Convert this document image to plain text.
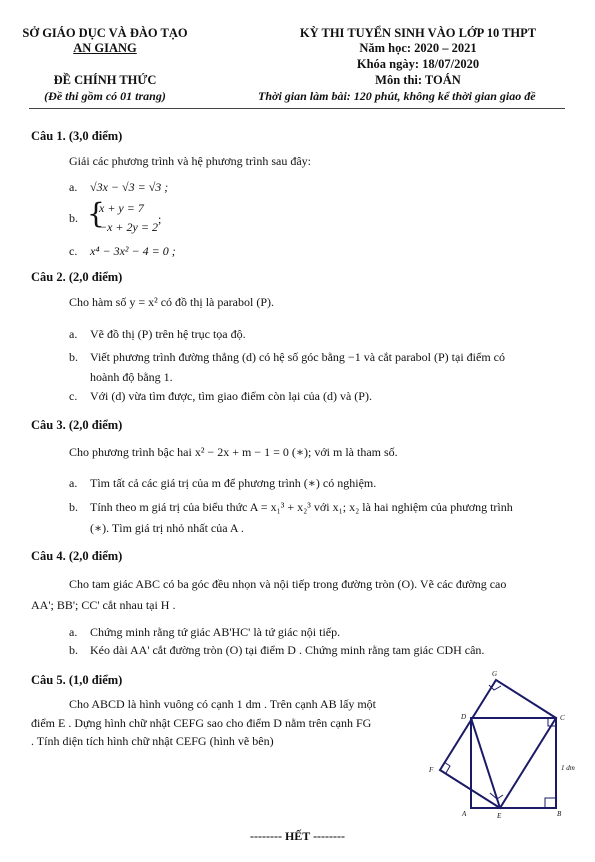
SỞ GIÁO DỤC VÀ ĐÀO TẠO
AN GIANG
ĐỀ CHÍNH THỨC
(Đề thi gồm có 01 trang)
KỲ THI TUYỂN SINH VÀO LỚP 10 THPT
Năm học: 2020 – 2021
Khóa ngày: 18/07/2020
Môn thi: TOÁN
Thời gian làm bài: 120 phút, không kể thời gian giao đề
Câu 1. (3,0 điểm)
Giải các phương trình và hệ phương trình sau đây:
a. √3x − √3 = √3 ;
b. {
x + y = 7
−x + 2y = 2
;
c. x⁴ − 3x² − 4 = 0 ;
Câu 2. (2,0 điểm)
Cho hàm số y = x² có đồ thị là parabol (P).
a. Vẽ đồ thị (P) trên hệ trục tọa độ.
b. Viết phương trình đường thẳng (d) có hệ số góc bằng −1 và cắt parabol (P) tại điểm có
hoành độ bằng 1.
c. Với (d) vừa tìm được, tìm giao điểm còn lại của (d) và (P).
Câu 3. (2,0 điểm)
Cho phương trình bậc hai x² − 2x + m − 1 = 0 (∗); với m là tham số.
a. Tìm tất cả các giá trị của m để phương trình (∗) có nghiệm.
b. Tính theo m giá trị của biểu thức A = x₁³ + x₂³ với x₁; x₂ là hai nghiệm của phương trình
(∗). Tìm giá trị nhỏ nhất của A .
Câu 4. (2,0 điểm)
Cho tam giác ABC có ba góc đều nhọn và nội tiếp trong đường tròn (O). Vẽ các đường cao
AA'; BB'; CC' cắt nhau tại H .
a. Chứng minh rằng tứ giác AB'HC' là tứ giác nội tiếp.
b. Kéo dài AA' cắt đường tròn (O) tại điểm D . Chứng minh rằng tam giác CDH cân.
Câu 5. (1,0 điểm)
Cho ABCD là hình vuông có cạnh 1 dm . Trên cạnh AB lấy một
điểm E . Dựng hình chữ nhật CEFG sao cho điểm D nằm trên cạnh FG
. Tính diện tích hình chữ nhật CEFG (hình vẽ bên)
G
D	C
F	1 dm
A	E	B
-------- HẾT --------
